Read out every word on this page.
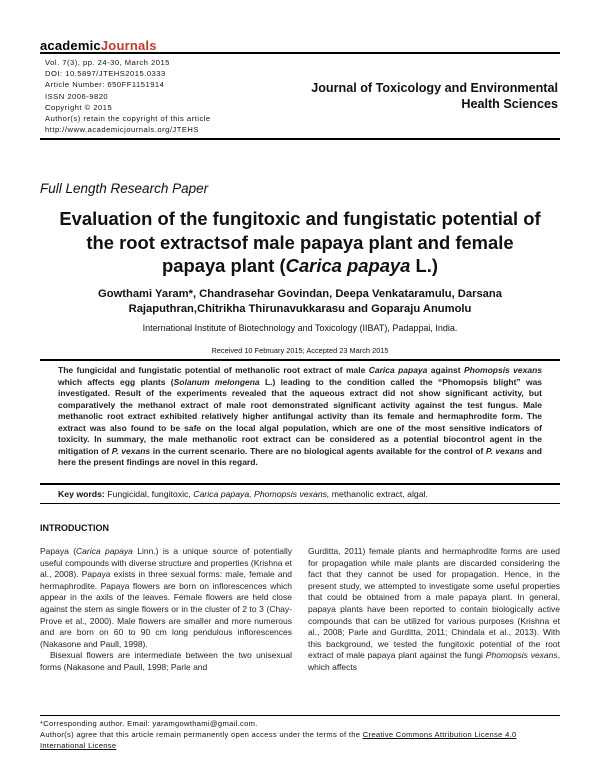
academicJournals
Vol. 7(3), pp. 24-30, March 2015
DOI: 10.5897/JTEHS2015.0333
Article Number: 650FF1151914
ISSN 2006-9820
Copyright © 2015
Author(s) retain the copyright of this article
http://www.academicjournals.org/JTEHS
Journal of Toxicology and Environmental
Health Sciences
Full Length Research Paper
Evaluation of the fungitoxic and fungistatic potential of
the root extractsof male papaya plant and female
papaya plant (Carica papaya L.)
Gowthami Yaram*, Chandrasehar Govindan, Deepa Venkataramulu, Darsana
Rajaputhran,Chitrikha Thirunavukkarasu and Goparaju Anumolu
International Institute of Biotechnology and Toxicology (IIBAT), Padappai, India.
Received 10 February 2015; Accepted 23 March 2015
The fungicidal and fungistatic potential of methanolic root extract of male Carica papaya against Phomopsis vexans which affects egg plants (Solanum melongena L.) leading to the condition called the “Phomopsis blight” was investigated. Result of the experiments revealed that the aqueous extract did not show significant activity, but comparatively the methanol extract of male root demonstrated significant activity against the test fungus. Male methanolic root extract exhibited relatively higher antifungal activity than its female and hermaphrodite form. The extract was also found to be safe on the local algal population, which are one of the most sensitive indicators of toxicity. In summary, the male methanolic root extract can be considered as a potential biocontrol agent in the mitigation of P. vexans in the current scenario. There are no biological agents available for the control of P. vexans and here the present findings are novel in this regard.
Key words: Fungicidal, fungitoxic, Carica papaya, Phomopsis vexans, methanolic extract, algal.
INTRODUCTION

Papaya (Carica papaya Linn.) is a unique source of potentially useful compounds with diverse structure and properties (Krishna et al., 2008). Papaya exists in three sexual forms: male, female and hermaphrodite. Papaya flowers are born on inflorescences which appear in the axils of the leaves. Female flowers are held close against the stem as single flowers or in the cluster of 2 to 3 (Chay-Prove et al., 2000). Male flowers are smaller and more numerous and are born on 60 to 90 cm long pendulous inflorescences (Nakasone and Paull, 1998).

Bisexual flowers are intermediate between the two unisexual forms (Nakasone and Paull, 1998; Parle and

Gurditta, 2011) female plants and hermaphrodite forms are used for propagation while male plants are discarded considering the fact that they cannot be used for propagation. Hence, in the present study, we attempted to investigate some useful properties that could be obtained from a male papaya plant. In general, papaya plants have been reported to contain biologically active compounds that can be utilized for various purposes (Krishna et al., 2008; Parle and Gurditta, 2011; Chindala et al., 2013). With this background, we tested the fungitoxic potential of the root extract of male papaya plant against the fungi Phomopsis vexans, which affects

*Corresponding author. Email: yaramgowthami@gmail.com.
Author(s) agree that this article remain permanently open access under the terms of the Creative Commons Attribution License 4.0 International License
